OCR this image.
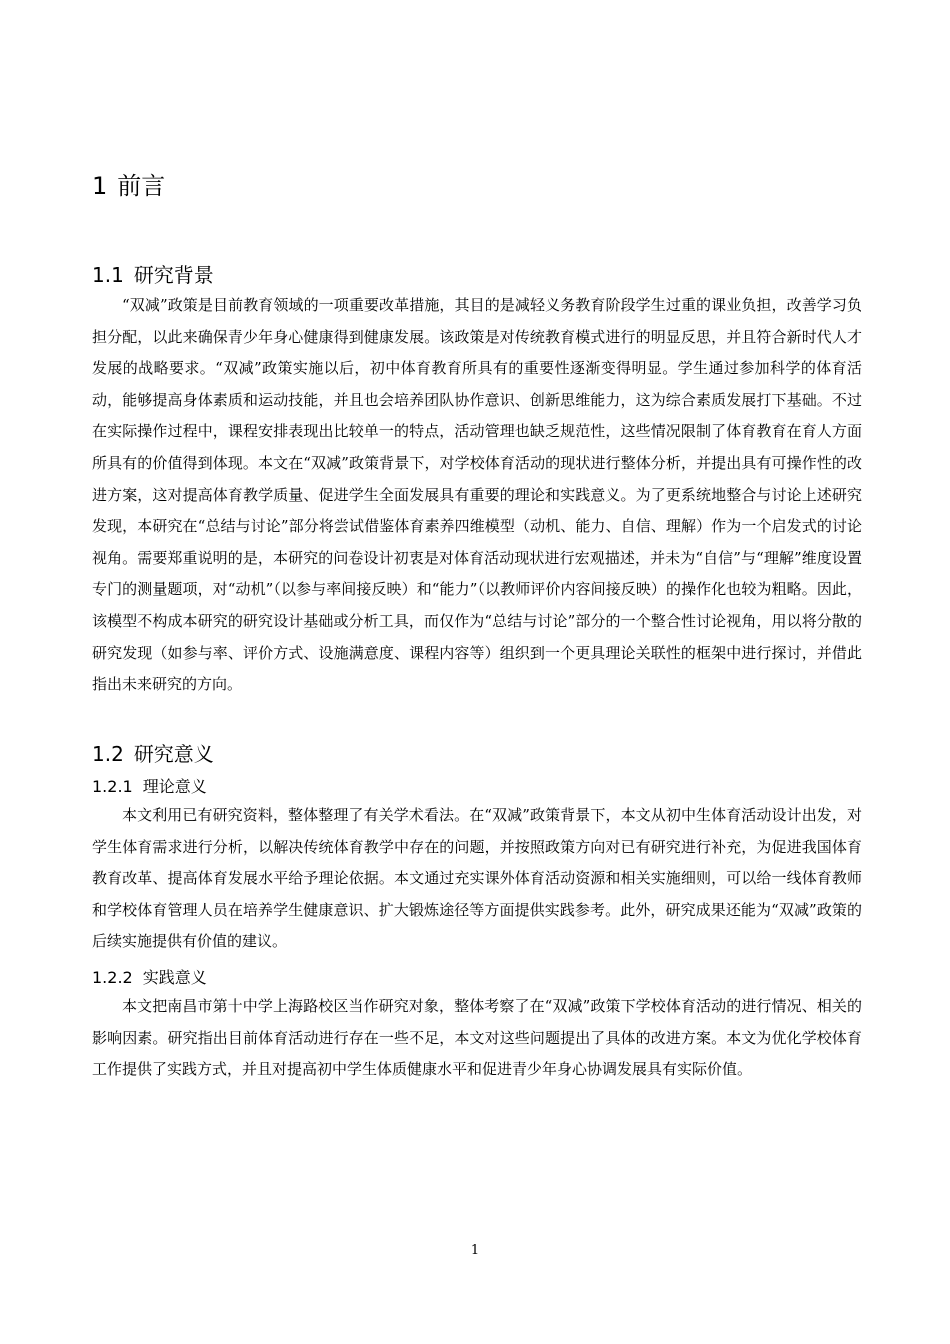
1 前言
1.1 研究背景

“双减”政策是目前教育领域的一项重要改革措施，其目的是减轻义务教育阶段学生过重的课业负担，改善学习负担分配，以此来确保青少年身心健康得到健康发展。该政策是对传统教育模式进行的明显反思，并且符合新时代人才发展的战略要求。“双减”政策实施以后，初中体育教育所具有的重要性逐渐变得明显。学生通过参加科学的体育活动，能够提高身体素质和运动技能，并且也会培养团队协作意识、创新思维能力，这为综合素质发展打下基础。不过在实际操作过程中，课程安排表现出比较单一的特点，活动管理也缺乏规范性，这些情况限制了体育教育在育人方面所具有的价值得到体现。本文在“双减”政策背景下，对学校体育活动的现状进行整体分析，并提出具有可操作性的改进方案，这对提高体育教学质量、促进学生全面发展具有重要的理论和实践意义。为了更系统地整合与讨论上述研究发现，本研究在“总结与讨论”部分将尝试借鉴体育素养四维模型（动机、能力、自信、理解）作为一个启发式的讨论视角。需要郑重说明的是，本研究的问卷设计初衷是对体育活动现状进行宏观描述，并未为“自信”与“理解”维度设置专门的测量题项，对“动机”（以参与率间接反映）和“能力”（以教师评价内容间接反映）的操作化也较为粗略。因此，该模型不构成本研究的研究设计基础或分析工具，而仅作为“总结与讨论”部分的一个整合性讨论视角，用以将分散的研究发现（如参与率、评价方式、设施满意度、课程内容等）组织到一个更具理论关联性的框架中进行探讨，并借此指出未来研究的方向。

1.2 研究意义
1.2.1 理论意义

本文利用已有研究资料，整体整理了有关学术看法。在“双减”政策背景下，本文从初中生体育活动设计出发，对学生体育需求进行分析，以解决传统体育教学中存在的问题，并按照政策方向对已有研究进行补充，为促进我国体育教育改革、提高体育发展水平给予理论依据。本文通过充实课外体育活动资源和相关实施细则，可以给一线体育教师和学校体育管理人员在培养学生健康意识、扩大锻炼途径等方面提供实践参考。此外，研究成果还能为“双减”政策的后续实施提供有价值的建议。

1.2.2 实践意义

本文把南昌市第十中学上海路校区当作研究对象，整体考察了在“双减”政策下学校体育活动的进行情况、相关的影响因素。研究指出目前体育活动进行存在一些不足，本文对这些问题提出了具体的改进方案。本文为优化学校体育工作提供了实践方式，并且对提高初中学生体质健康水平和促进青少年身心协调发展具有实际价值。

1
